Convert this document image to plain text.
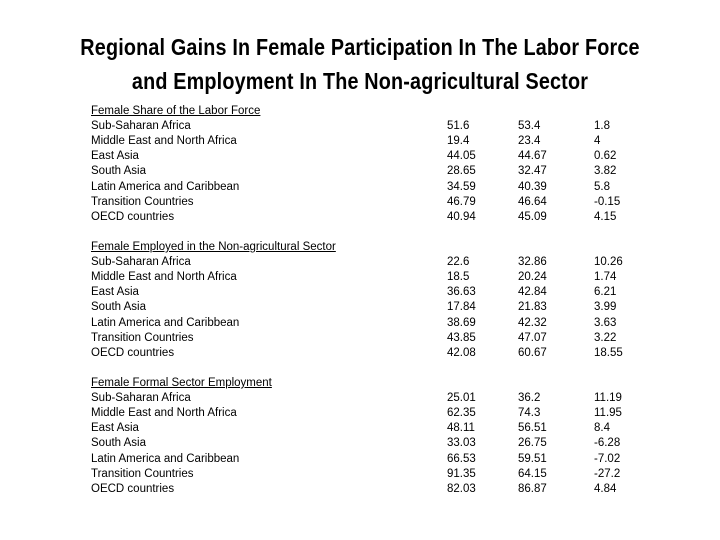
Regional Gains In Female Participation In The Labor Force
and Employment In The Non-agricultural Sector
Female Share of the Labor Force
Sub-Saharan Africa	51.6	53.4	1.8
Middle East and North Africa	19.4	23.4	4
East Asia	44.05	44.67	0.62
South Asia	28.65	32.47	3.82
Latin America and Caribbean	34.59	40.39	5.8
Transition Countries	46.79	46.64	-0.15
OECD countries	40.94	45.09	4.15
Female Employed in the Non-agricultural Sector
Sub-Saharan Africa	22.6	32.86	10.26
Middle East and North Africa	18.5	20.24	1.74
East Asia	36.63	42.84	6.21
South Asia	17.84	21.83	3.99
Latin America and Caribbean	38.69	42.32	3.63
Transition Countries	43.85	47.07	3.22
OECD countries	42.08	60.67	18.55
Female Formal Sector Employment
Sub-Saharan Africa	25.01	36.2	11.19
Middle East and North Africa	62.35	74.3	11.95
East Asia	48.11	56.51	8.4
South Asia	33.03	26.75	-6.28
Latin America and Caribbean	66.53	59.51	-7.02
Transition Countries	91.35	64.15	-27.2
OECD countries	82.03	86.87	4.84
